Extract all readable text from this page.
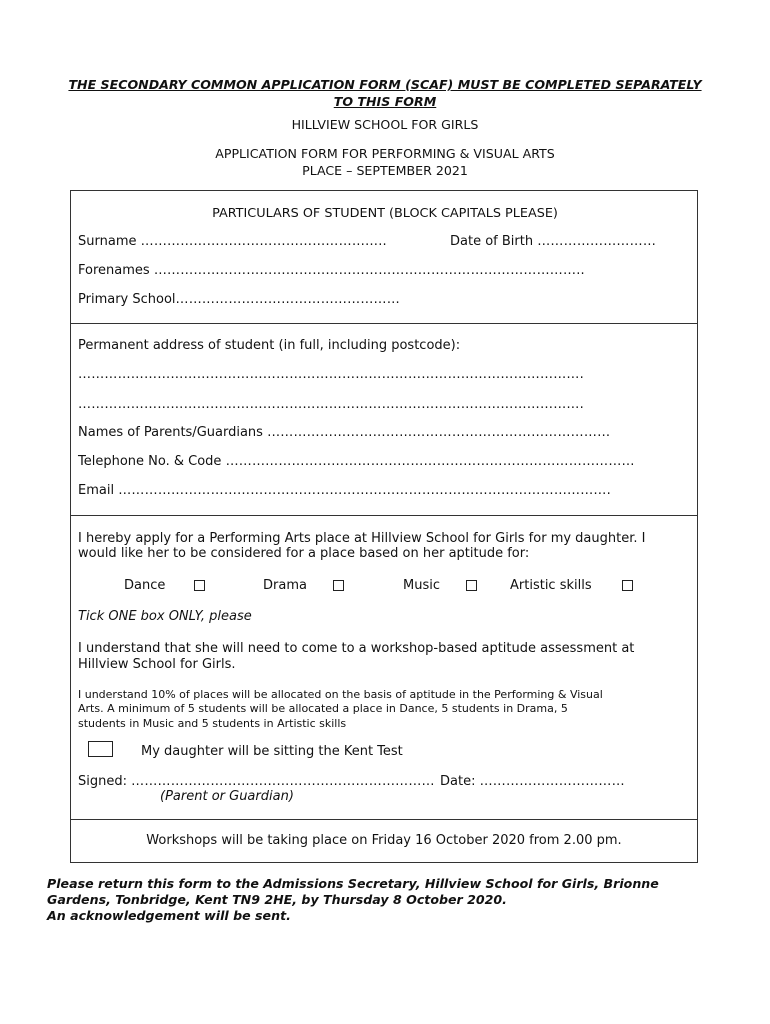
THE SECONDARY COMMON APPLICATION FORM (SCAF) MUST BE COMPLETED SEPARATELY
TO THIS FORM
HILLVIEW SCHOOL FOR GIRLS
APPLICATION FORM FOR PERFORMING & VISUAL ARTS
PLACE – SEPTEMBER 2021
PARTICULARS OF STUDENT (BLOCK CAPITALS PLEASE)
Surname ………………………………………………..	Date of Birth ………………………
Forenames ……………………………………………………………………………………..
Primary School……………………………………………
Permanent address of student (in full, including postcode):
…………………………………………………………………………………………………….
…………………………………………………………………………………………………….
Names of Parents/Guardians ……………………………………………………………………
Telephone No. & Code …………………………………………………………………………………
Email ………………………………………………………………………………………………….
I hereby apply for a Performing Arts place at Hillview School for Girls for my daughter. I
would like her to be considered for a place based on her aptitude for:
Dance	Drama	Music	Artistic skills
Tick ONE box ONLY, please
I understand that she will need to come to a workshop-based aptitude assessment at
Hillview School for Girls.
I understand 10% of places will be allocated on the basis of aptitude in the Performing & Visual
Arts. A minimum of 5 students will be allocated a place in Dance, 5 students in Drama, 5
students in Music and 5 students in Artistic skills
My daughter will be sitting the Kent Test
Signed: …………………………………………………………… Date: ……………………………
(Parent or Guardian)
Workshops will be taking place on Friday 16 October 2020 from 2.00 pm.
Please return this form to the Admissions Secretary, Hillview School for Girls, Brionne
Gardens, Tonbridge, Kent TN9 2HE, by Thursday 8 October 2020.
An acknowledgement will be sent.
